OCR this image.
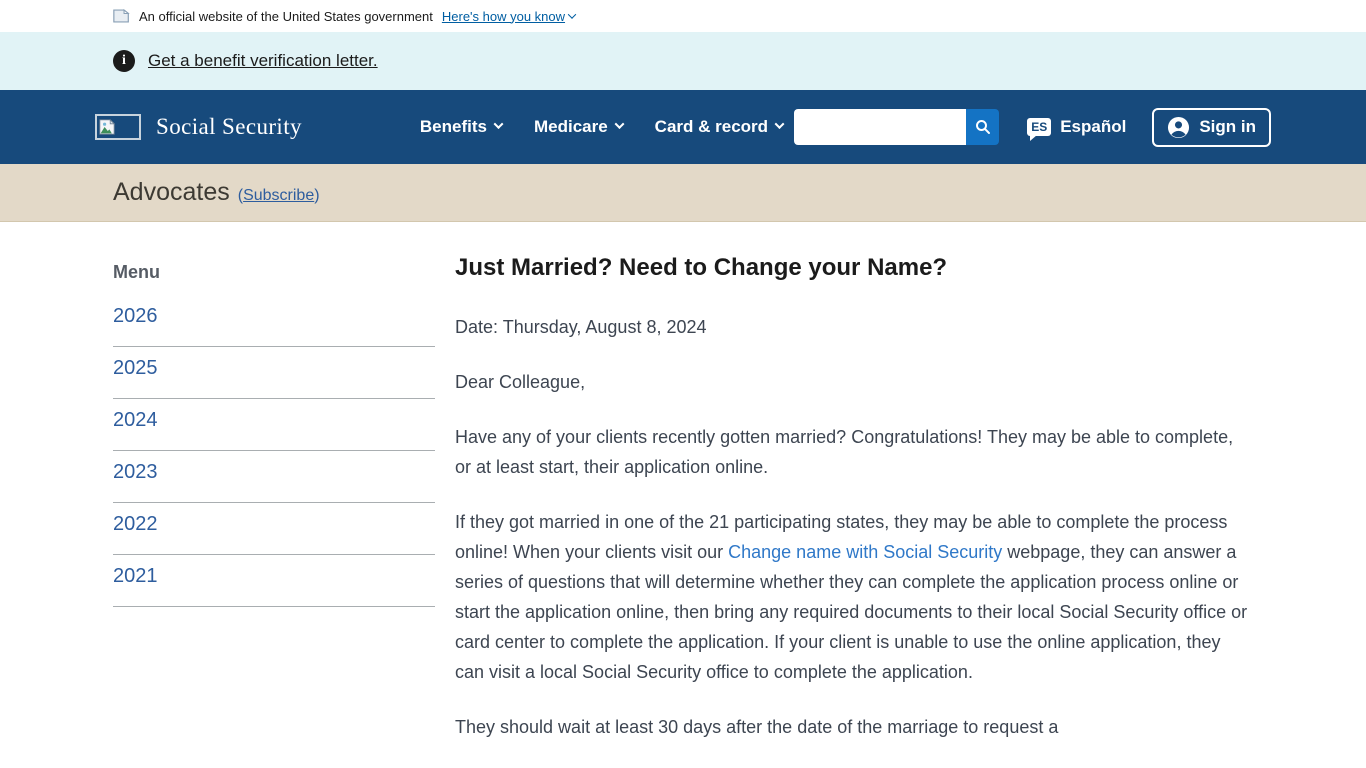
An official website of the United States government Here's how you know
i	Get a benefit verification letter.
Social Security	Benefits	Medicare	Card & record	ES Español	Sign in
Advocates (Subscribe)
Menu
2026
2025
2024
2023
2022
2021
Just Married? Need to Change your Name?

Date: Thursday, August 8, 2024

Dear Colleague,

Have any of your clients recently gotten married? Congratulations! They may be able to complete, or at least start, their application online.

If they got married in one of the 21 participating states, they may be able to complete the process online! When your clients visit our Change name with Social Security webpage, they can answer a series of questions that will determine whether they can complete the application process online or start the application online, then bring any required documents to their local Social Security office or card center to complete the application. If your client is unable to use the online application, they can visit a local Social Security office to complete the application.

They should wait at least 30 days after the date of the marriage to request a
